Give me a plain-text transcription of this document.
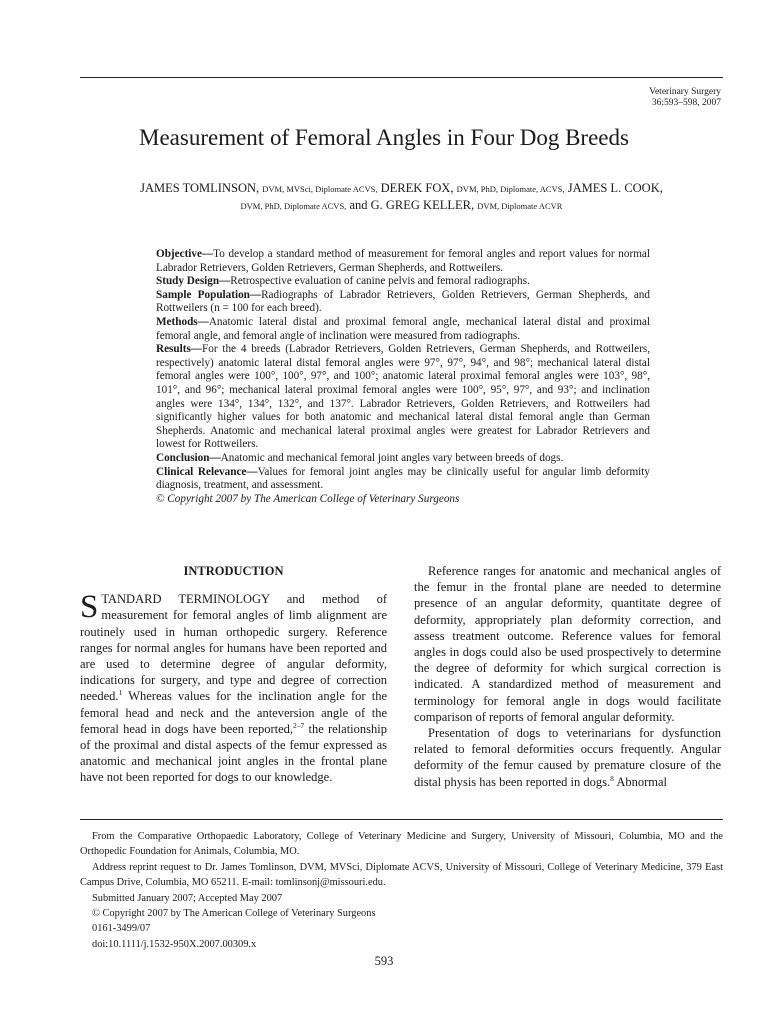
Veterinary Surgery
36:593–598, 2007
Measurement of Femoral Angles in Four Dog Breeds
JAMES TOMLINSON, DVM, MVSci, Diplomate ACVS, DEREK FOX, DVM, PhD, Diplomate, ACVS, JAMES L. COOK,
DVM, PhD, Diplomate ACVS, and G. GREG KELLER, DVM, Diplomate ACVR

Objective—To develop a standard method of measurement for femoral angles and report values for normal Labrador Retrievers, Golden Retrievers, German Shepherds, and Rottweilers.

Study Design—Retrospective evaluation of canine pelvis and femoral radiographs.

Sample Population—Radiographs of Labrador Retrievers, Golden Retrievers, German Shepherds, and Rottweilers (n = 100 for each breed).

Methods—Anatomic lateral distal and proximal femoral angle, mechanical lateral distal and proximal femoral angle, and femoral angle of inclination were measured from radiographs.

Results—For the 4 breeds (Labrador Retrievers, Golden Retrievers, German Shepherds, and Rottweilers, respectively) anatomic lateral distal femoral angles were 97°, 97°, 94°, and 98°; mechanical lateral distal femoral angles were 100°, 100°, 97°, and 100°; anatomic lateral proximal femoral angles were 103°, 98°, 101°, and 96°; mechanical lateral proximal femoral angles were 100°, 95°, 97°, and 93°; and inclination angles were 134°, 134°, 132°, and 137°. Labrador Retrievers, Golden Retrievers, and Rottweilers had significantly higher values for both anatomic and mechanical lateral distal femoral angle than German Shepherds. Anatomic and mechanical lateral proximal angles were greatest for Labrador Retrievers and lowest for Rottweilers.

Conclusion—Anatomic and mechanical femoral joint angles vary between breeds of dogs.

Clinical Relevance—Values for femoral joint angles may be clinically useful for angular limb deformity diagnosis, treatment, and assessment.

© Copyright 2007 by The American College of Veterinary Surgeons

INTRODUCTION

STANDARD TERMINOLOGY and method of measurement for femoral angles of limb alignment are routinely used in human orthopedic surgery. Reference ranges for normal angles for humans have been reported and are used to determine degree of angular deformity, indications for surgery, and type and degree of correction needed.$^1$ Whereas values for the inclination angle for the femoral head and neck and the anteversion angle of the femoral head in dogs have been reported,$^{2-7}$ the relationship of the proximal and distal aspects of the femur expressed as anatomic and mechanical joint angles in the frontal plane have not been reported for dogs to our knowledge.

Reference ranges for anatomic and mechanical angles of the femur in the frontal plane are needed to determine presence of an angular deformity, quantitate degree of deformity, appropriately plan deformity correction, and assess treatment outcome. Reference values for femoral angles in dogs could also be used prospectively to determine the degree of deformity for which surgical correction is indicated. A standardized method of measurement and terminology for femoral angle in dogs would facilitate comparison of reports of femoral angular deformity.

Presentation of dogs to veterinarians for dysfunction related to femoral deformities occurs frequently. Angular deformity of the femur caused by premature closure of the distal physis has been reported in dogs.$^8$ Abnormal

From the Comparative Orthopaedic Laboratory, College of Veterinary Medicine and Surgery, University of Missouri, Columbia, MO and the Orthopedic Foundation for Animals, Columbia, MO.

Address reprint request to Dr. James Tomlinson, DVM, MVSci, Diplomate ACVS, University of Missouri, College of Veterinary Medicine, 379 East Campus Drive, Columbia, MO 65211. E-mail: tomlinsonj@missouri.edu.

Submitted January 2007; Accepted May 2007

© Copyright 2007 by The American College of Veterinary Surgeons

0161-3499/07

doi:10.1111/j.1532-950X.2007.00309.x

593
